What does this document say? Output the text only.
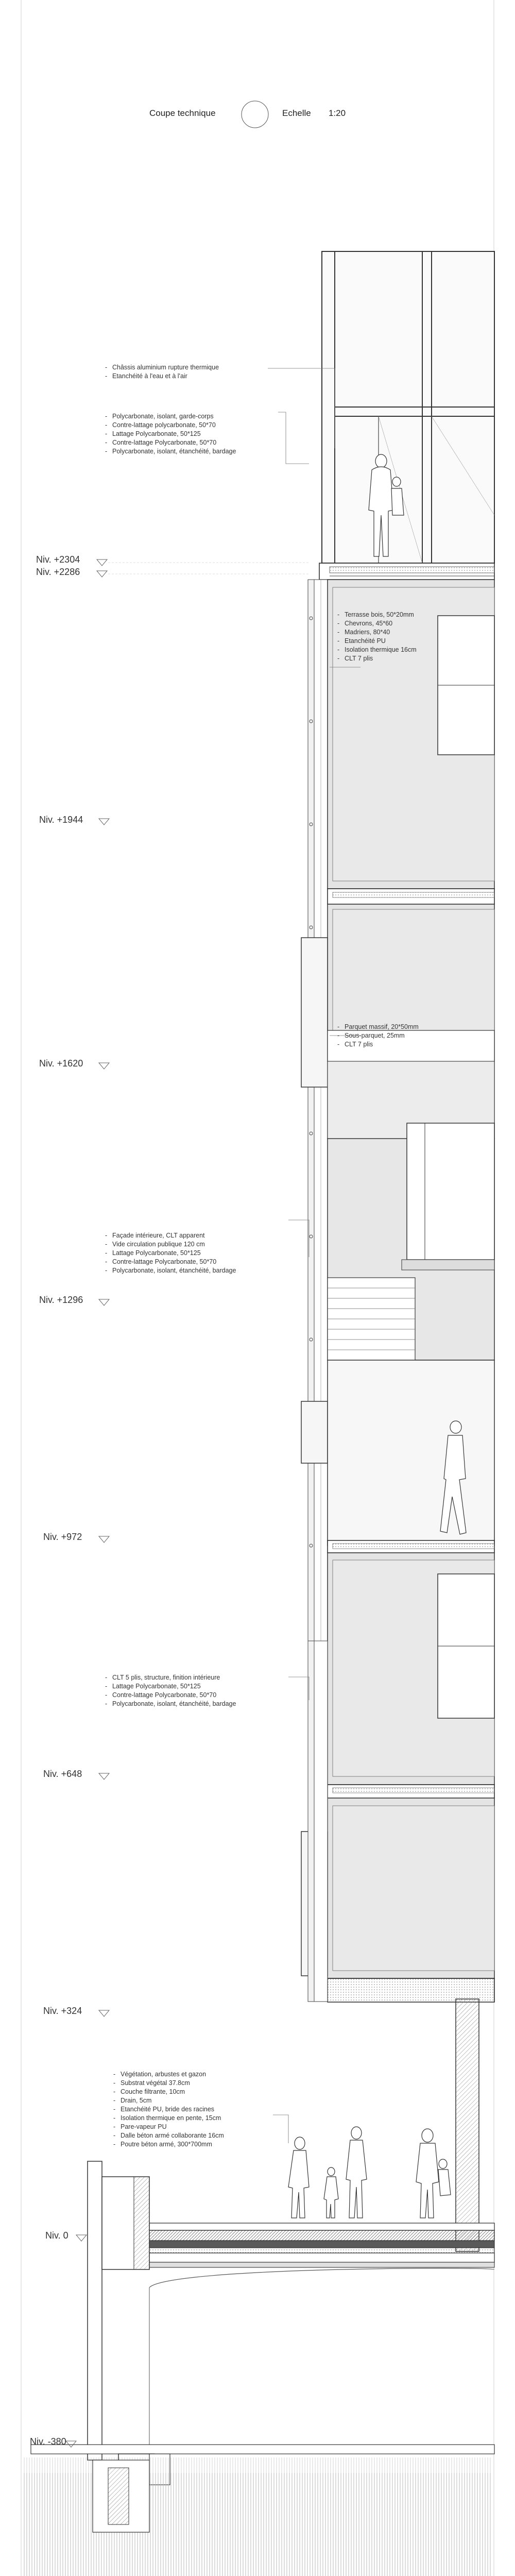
Coupe technique	Echelle 1:20
Niv. +2304
Niv. +2286
Niv. +1944
Niv. +1620
Niv. +1296
Niv. +972
Niv. +648
Niv. +324
Niv. 0
Niv. -380
- Châssis aluminium rupture thermique
- Etanchéité à l'eau et à l'air
- Polycarbonate, isolant, garde-corps
- Contre-lattage polycarbonate, 50*70
- Lattage Polycarbonate, 50*125
- Contre-lattage Polycarbonate, 50*70
- Polycarbonate, isolant, étanchéité, bardage
- Terrasse bois, 50*20mm
- Chevrons, 45*60
- Madriers, 80*40
- Etanchéité PU
- Isolation thermique 16cm
- CLT 7 plis
- Parquet massif, 20*50mm
- Sous-parquet, 25mm
- CLT 7 plis
- Façade intérieure, CLT apparent
- Vide circulation publique 120 cm
- Lattage Polycarbonate, 50*125
- Contre-lattage Polycarbonate, 50*70
- Polycarbonate, isolant, étanchéité, bardage
- CLT 5 plis, structure, finition intérieure
- Lattage Polycarbonate, 50*125
- Contre-lattage Polycarbonate, 50*70
- Polycarbonate, isolant, étanchéité, bardage
- Végétation, arbustes et gazon
- Substrat végétal 37.8cm
- Couche filtrante, 10cm
- Drain, 5cm
- Etanchéité PU, bride des racines
- Isolation thermique en pente, 15cm
- Pare-vapeur PU
- Dalle béton armé collaborante 16cm
- Poutre béton armé, 300*700mm
